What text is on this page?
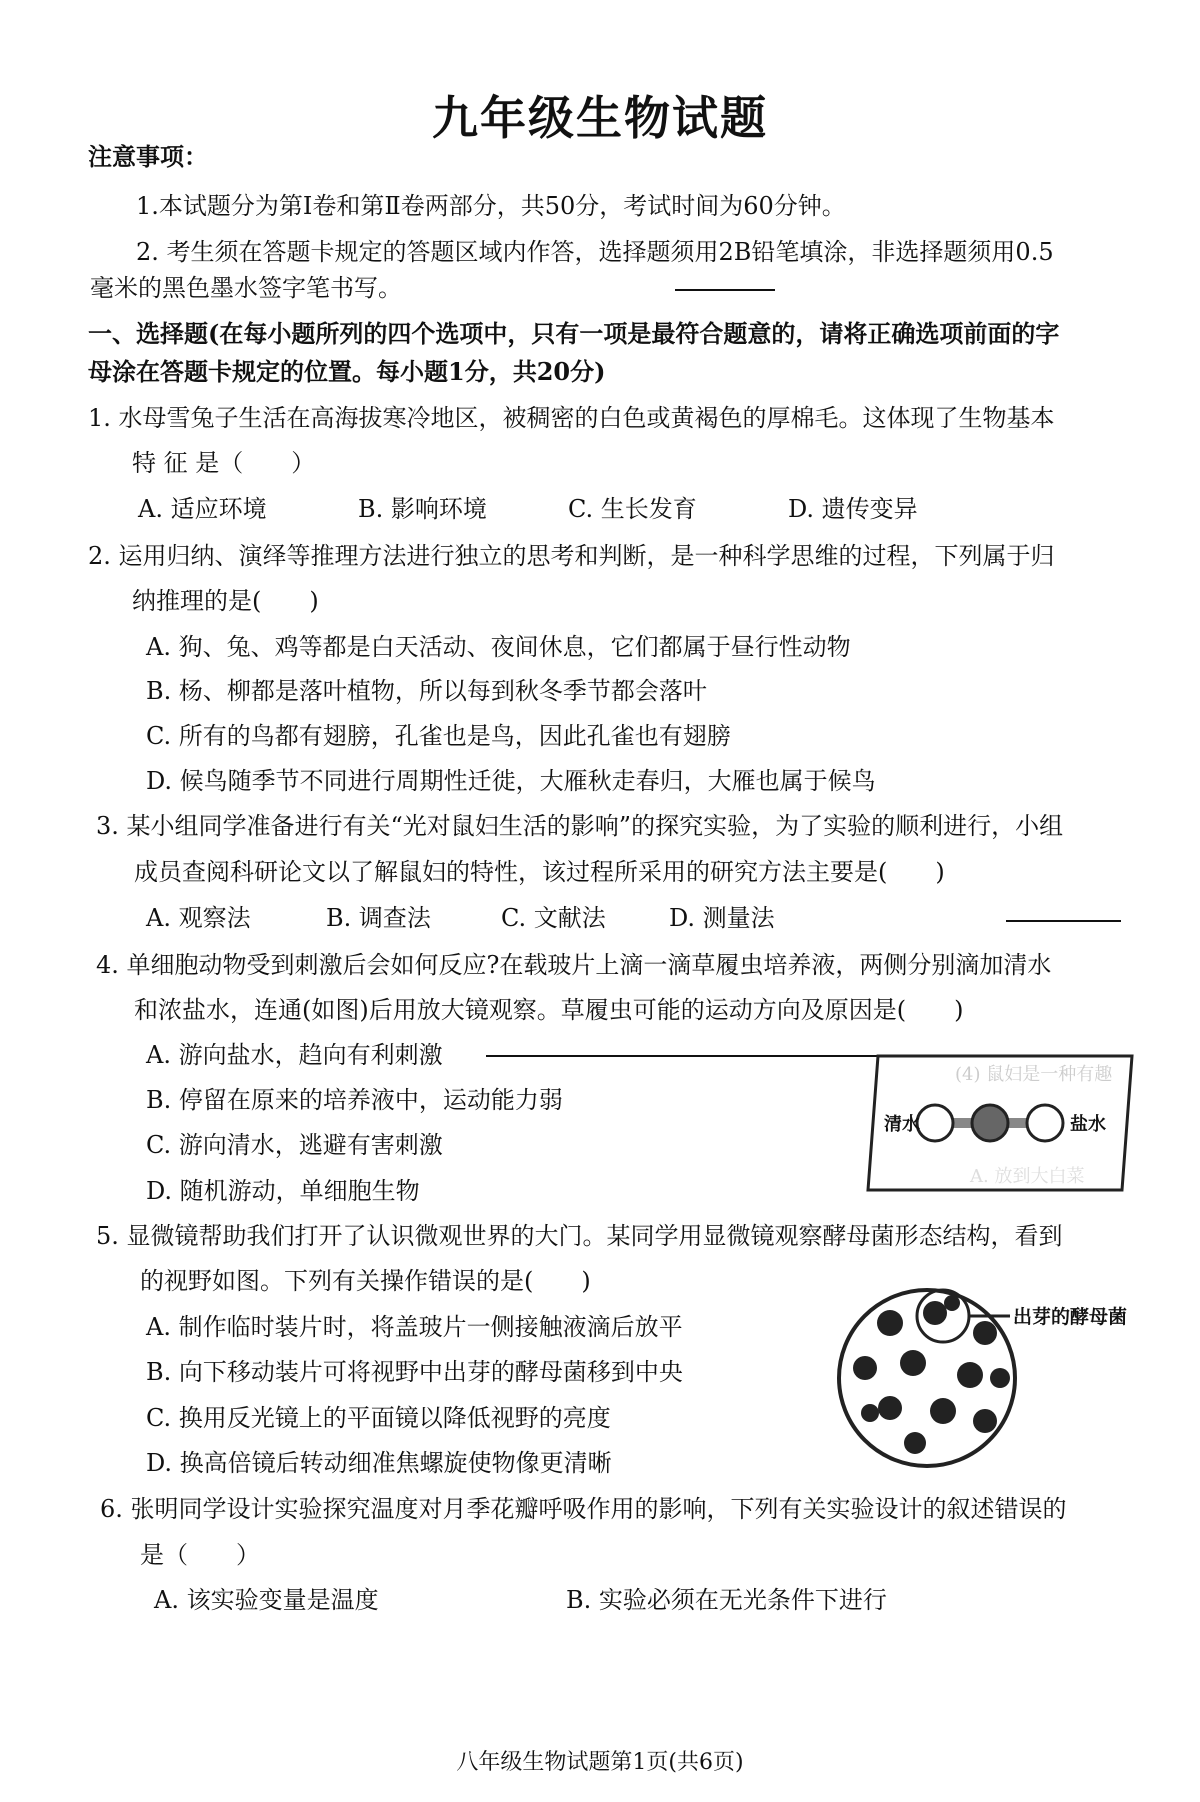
九年级生物试题
注意事项：
1.本试题分为第Ⅰ卷和第Ⅱ卷两部分，共50分，考试时间为60分钟。
2. 考生须在答题卡规定的答题区域内作答，选择题须用2B铅笔填涂，非选择题须用0.5
毫米的黑色墨水签字笔书写。
一、选择题(在每小题所列的四个选项中，只有一项是最符合题意的，请将正确选项前面的字
母涂在答题卡规定的位置。每小题1分，共20分)
1. 水母雪兔子生活在高海拔寒冷地区，被稠密的白色或黄褐色的厚棉毛。这体现了生物基本
特 征 是（　　）
A. 适应环境	B. 影响环境	C. 生长发育	D. 遗传变异
2. 运用归纳、演绎等推理方法进行独立的思考和判断，是一种科学思维的过程，下列属于归
纳推理的是(　　)
A. 狗、兔、鸡等都是白天活动、夜间休息，它们都属于昼行性动物
B. 杨、柳都是落叶植物，所以每到秋冬季节都会落叶
C. 所有的鸟都有翅膀，孔雀也是鸟，因此孔雀也有翅膀
D. 候鸟随季节不同进行周期性迁徙，大雁秋走春归，大雁也属于候鸟
3. 某小组同学准备进行有关“光对鼠妇生活的影响”的探究实验，为了实验的顺利进行，小组
成员查阅科研论文以了解鼠妇的特性，该过程所采用的研究方法主要是(　　)
A. 观察法	B. 调查法	C. 文献法	D. 测量法
4. 单细胞动物受到刺激后会如何反应?在载玻片上滴一滴草履虫培养液，两侧分别滴加清水
和浓盐水，连通(如图)后用放大镜观察。草履虫可能的运动方向及原因是(　　)
A. 游向盐水，趋向有利刺激
B. 停留在原来的培养液中，运动能力弱
C. 游向清水，逃避有害刺激
D. 随机游动，单细胞生物
(4) 鼠妇是一种有趣
A. 放到大白菜
清水	盐水
5. 显微镜帮助我们打开了认识微观世界的大门。某同学用显微镜观察酵母菌形态结构，看到
的视野如图。下列有关操作错误的是(　　)
A. 制作临时装片时，将盖玻片一侧接触液滴后放平
B. 向下移动装片可将视野中出芽的酵母菌移到中央
C. 换用反光镜上的平面镜以降低视野的亮度
D. 换高倍镜后转动细准焦螺旋使物像更清晰
出芽的酵母菌
6. 张明同学设计实验探究温度对月季花瓣呼吸作用的影响，下列有关实验设计的叙述错误的
是（　　）
A. 该实验变量是温度	B. 实验必须在无光条件下进行
八年级生物试题第1页(共6页)
